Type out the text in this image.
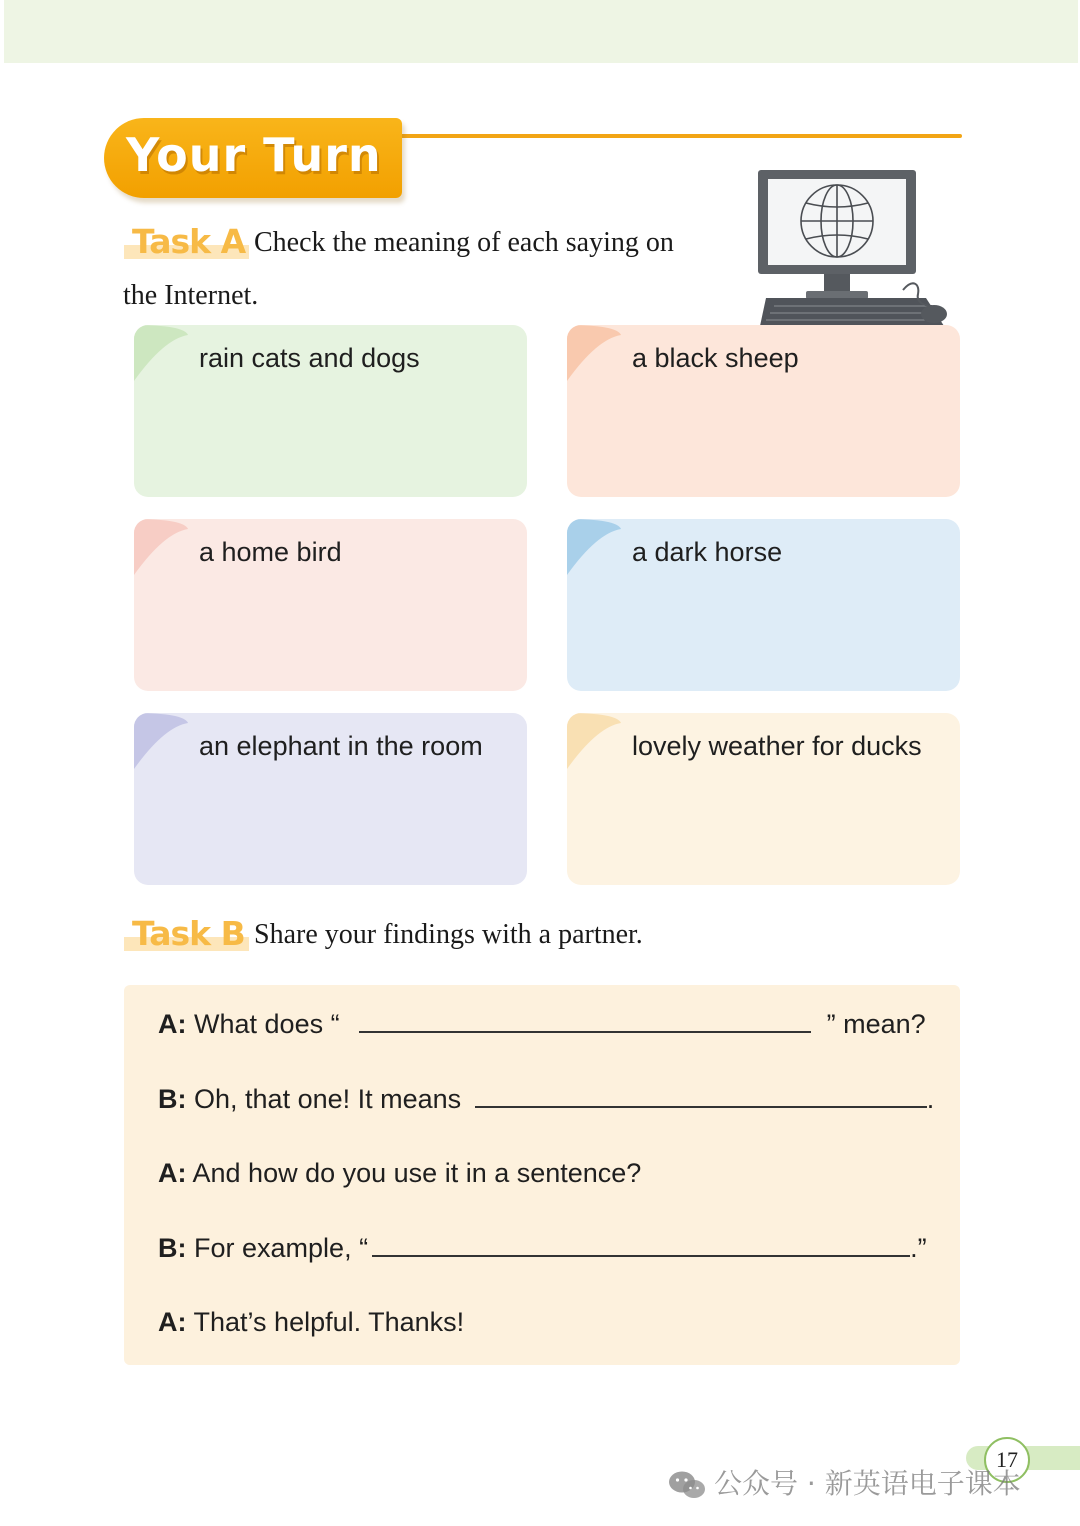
Your Turn
Task A Check the meaning of each saying on
the Internet.
rain cats and dogs	a black sheep
a home bird	a dark horse
an elephant in the room	lovely weather for ducks
Task B Share your findings with a partner.
A: What does “	” mean?
B: Oh, that one! It means	.
A: And how do you use it in a sentence?
B: For example, “	.”
A: That’s helpful. Thanks!
17
公众号 · 新英语电子课本
